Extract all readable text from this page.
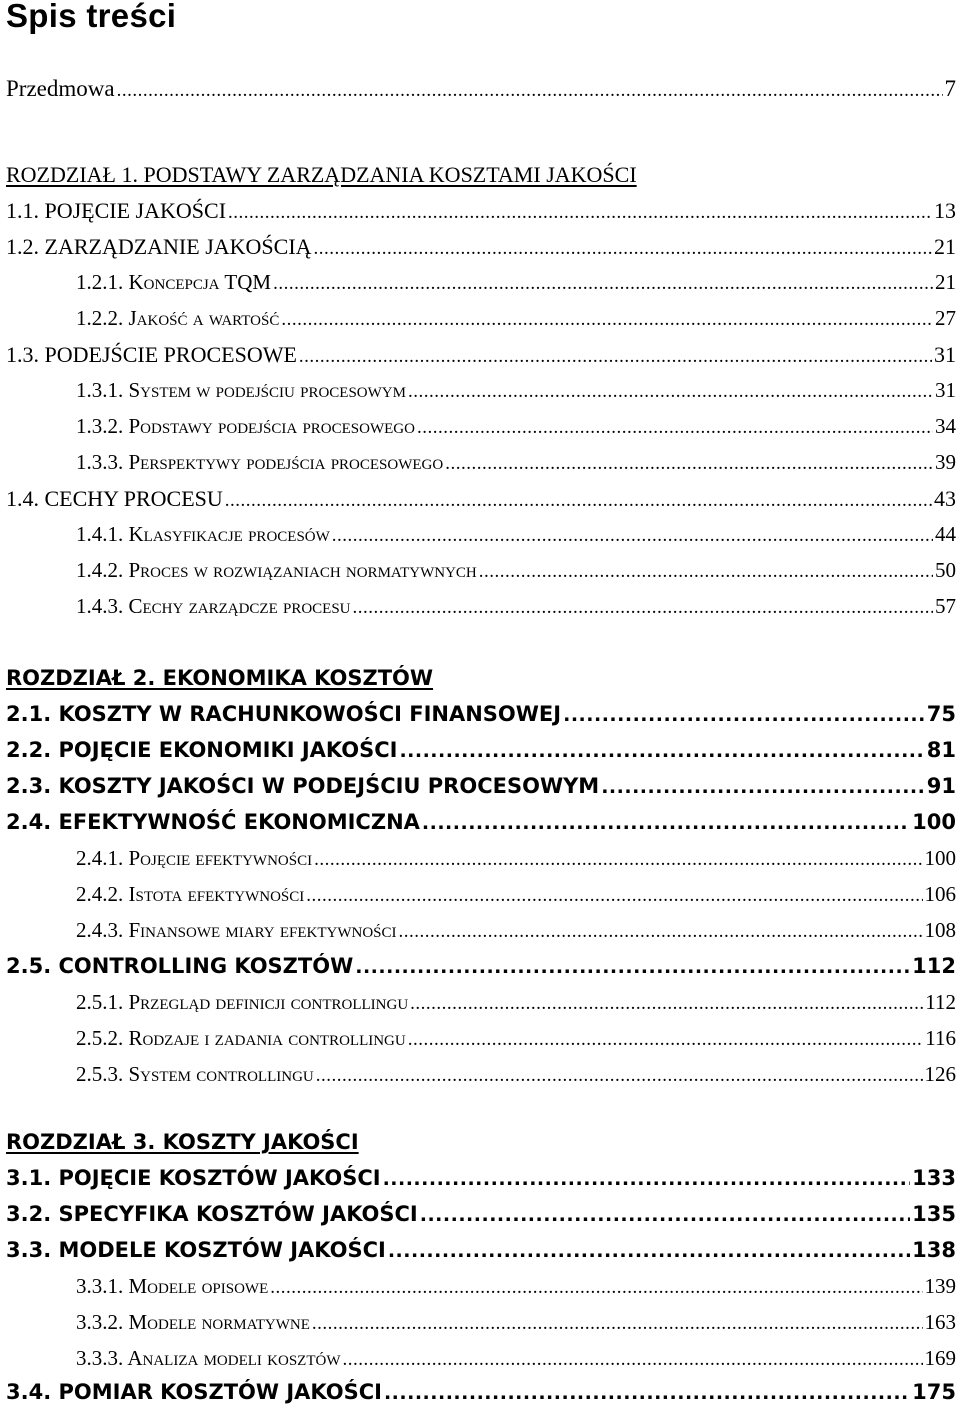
Spis treści
Przedmowa .....	7
ROZDZIAŁ 1. PODSTAWY ZARZĄDZANIA KOSZTAMI JAKOŚCI
1.1. POJĘCIE JAKOŚCI .....	13
1.2. ZARZĄDZANIE JAKOŚCIĄ .....	21
1.2.1. Koncepcja TQM .....	21
1.2.2. Jakość a wartość .....	27
1.3. PODEJŚCIE PROCESOWE .....	31
1.3.1. System w podejściu procesowym .....	31
1.3.2. Podstawy podejścia procesowego .....	34
1.3.3. Perspektywy podejścia procesowego .....	39
1.4. CECHY PROCESU .....	43
1.4.1. Klasyfikacje procesów .....	44
1.4.2. Proces w rozwiązaniach normatywnych .....	50
1.4.3. Cechy zarządcze procesu .....	57
ROZDZIAŁ 2. EKONOMIKA KOSZTÓW
2.1. KOSZTY W RACHUNKOWOŚCI FINANSOWEJ .....	75
2.2. POJĘCIE EKONOMIKI JAKOŚCI .....	81
2.3. KOSZTY JAKOŚCI W PODEJŚCIU PROCESOWYM .....	91
2.4. EFEKTYWNOŚĆ EKONOMICZNA .....	100
2.4.1. Pojęcie efektywności .....	100
2.4.2. Istota efektywności .....	106
2.4.3. Finansowe miary efektywności .....	108
2.5. CONTROLLING KOSZTÓW .....	112
2.5.1. Przegląd definicji controllingu .....	112
2.5.2. Rodzaje i zadania controllingu .....	116
2.5.3. System controllingu .....	126
ROZDZIAŁ 3. KOSZTY JAKOŚCI
3.1. POJĘCIE KOSZTÓW JAKOŚCI .....	133
3.2. SPECYFIKA KOSZTÓW JAKOŚCI .....	135
3.3. MODELE KOSZTÓW JAKOŚCI .....	138
3.3.1. Modele opisowe .....	139
3.3.2. Modele normatywne .....	163
3.3.3. Analiza modeli kosztów .....	169
3.4. POMIAR KOSZTÓW JAKOŚCI .....	175
